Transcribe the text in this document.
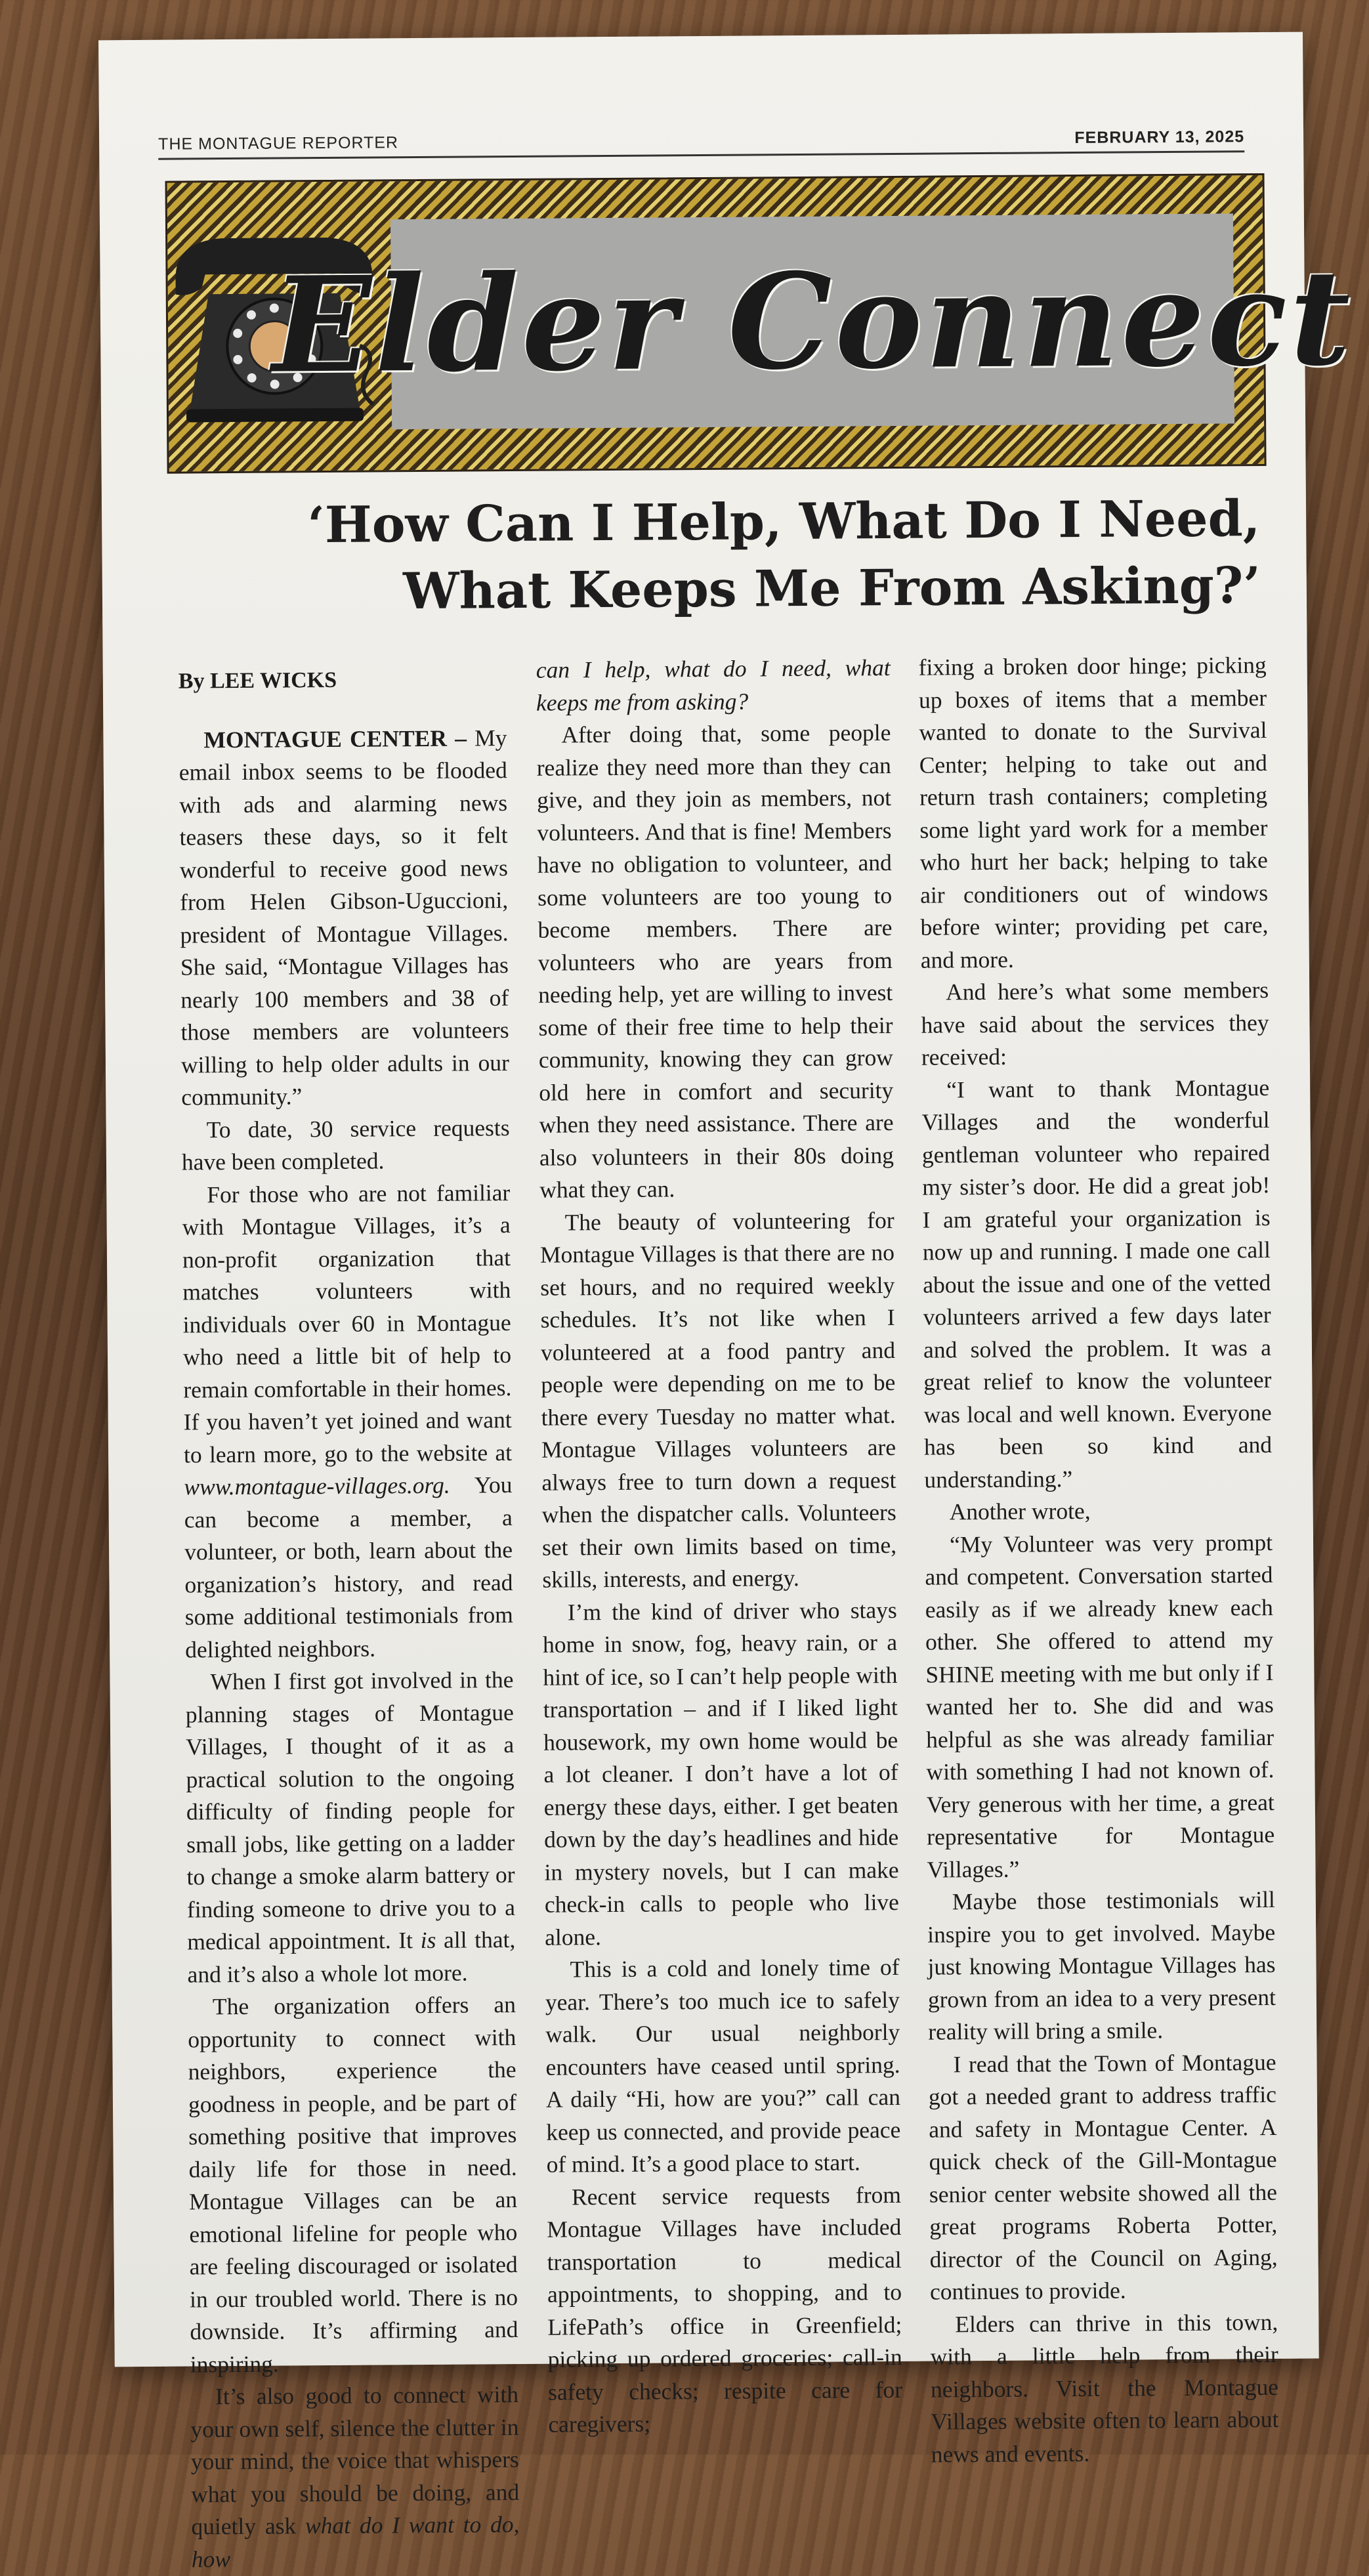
THE MONTAGUE REPORTER	FEBRUARY 13, 2025
Elder Connect
‘How Can I Help, What Do I Need,
What Keeps Me From Asking?’

By LEE WICKS

MONTAGUE CENTER – My email inbox seems to be flooded with ads and alarming news teasers these days, so it felt wonderful to receive good news from Helen Gibson-Uguccioni, president of Montague Villages. She said, “Montague Villages has nearly 100 members and 38 of those members are volunteers willing to help older adults in our community.”

To date, 30 service requests have been completed.

For those who are not familiar with Montague Villages, it’s a non-profit organization that matches volunteers with individuals over 60 in Montague who need a little bit of help to remain comfortable in their homes. If you haven’t yet joined and want to learn more, go to the website at www.montague-villages.org. You can become a member, a volunteer, or both, learn about the organization’s history, and read some additional testimonials from delighted neighbors.

When I first got involved in the planning stages of Montague Villages, I thought of it as a practical solution to the ongoing difficulty of finding people for small jobs, like getting on a ladder to change a smoke alarm battery or finding someone to drive you to a medical appointment. It is all that, and it’s also a whole lot more.

The organization offers an opportunity to connect with neighbors, experience the goodness in people, and be part of something positive that improves daily life for those in need. Montague Villages can be an emotional lifeline for people who are feeling discouraged or isolated in our troubled world. There is no downside. It’s affirming and inspiring.

It’s also good to connect with your own self, silence the clutter in your mind, the voice that whispers what you should be doing, and quietly ask what do I want to do, how

can I help, what do I need, what keeps me from asking?

After doing that, some people realize they need more than they can give, and they join as members, not volunteers. And that is fine! Members have no obligation to volunteer, and some volunteers are too young to become members. There are volunteers who are years from needing help, yet are willing to invest some of their free time to help their community, knowing they can grow old here in comfort and security when they need assistance. There are also volunteers in their 80s doing what they can.

The beauty of volunteering for Montague Villages is that there are no set hours, and no required weekly schedules. It’s not like when I volunteered at a food pantry and people were depending on me to be there every Tuesday no matter what. Montague Villages volunteers are always free to turn down a request when the dispatcher calls. Volunteers set their own limits based on time, skills, interests, and energy.

I’m the kind of driver who stays home in snow, fog, heavy rain, or a hint of ice, so I can’t help people with transportation – and if I liked light housework, my own home would be a lot cleaner. I don’t have a lot of energy these days, either. I get beaten down by the day’s headlines and hide in mystery novels, but I can make check-in calls to people who live alone.

This is a cold and lonely time of year. There’s too much ice to safely walk. Our usual neighborly encounters have ceased until spring. A daily “Hi, how are you?” call can keep us connected, and provide peace of mind. It’s a good place to start.

Recent service requests from Montague Villages have included transportation to medical appointments, to shopping, and to LifePath’s office in Greenfield; picking up ordered groceries; call-in safety checks; respite care for caregivers;

fixing a broken door hinge; picking up boxes of items that a member wanted to donate to the Survival Center; helping to take out and return trash containers; completing some light yard work for a member who hurt her back; helping to take air conditioners out of windows before winter; providing pet care, and more.

And here’s what some members have said about the services they received:

“I want to thank Montague Villages and the wonderful gentleman volunteer who repaired my sister’s door. He did a great job! I am grateful your organization is now up and running. I made one call about the issue and one of the vetted volunteers arrived a few days later and solved the problem. It was a great relief to know the volunteer was local and well known. Everyone has been so kind and understanding.”

Another wrote,

“My Volunteer was very prompt and competent. Conversation started easily as if we already knew each other. She offered to attend my SHINE meeting with me but only if I wanted her to. She did and was helpful as she was already familiar with something I had not known of. Very generous with her time, a great representative for Montague Villages.”

Maybe those testimonials will inspire you to get involved. Maybe just knowing Montague Villages has grown from an idea to a very present reality will bring a smile.

I read that the Town of Montague got a needed grant to address traffic and safety in Montague Center. A quick check of the Gill-Montague senior center website showed all the great programs Roberta Potter, director of the Council on Aging, continues to provide.

Elders can thrive in this town, with a little help from their neighbors. Visit the Montague Villages website often to learn about news and events.
